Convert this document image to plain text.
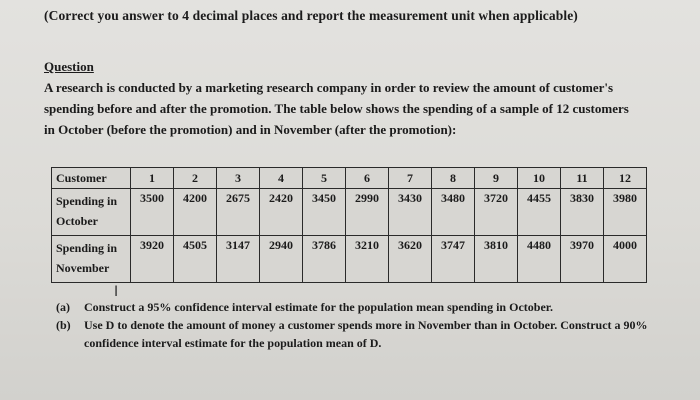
(Correct you answer to 4 decimal places and report the measurement unit when applicable)
Question
A research is conducted by a marketing research company in order to review the amount of customer's
spending before and after the promotion. The table below shows the spending of a sample of 12 customers
in October (before the promotion) and in November (after the promotion):
Customer	1	2	3	4	5	6	7	8	9	10	11	12
Spending in October	3500	4200	2675	2420	3450	2990	3430	3480	3720	4455	3830	3980
Spending in November	3920	4505	3147	2940	3786	3210	3620	3747	3810	4480	3970	4000
I
(a)	Construct a 95% confidence interval estimate for the population mean spending in October.
(b)	Use D to denote the amount of money a customer spends more in November than in October. Construct a 90% confidence interval estimate for the population mean of D.
